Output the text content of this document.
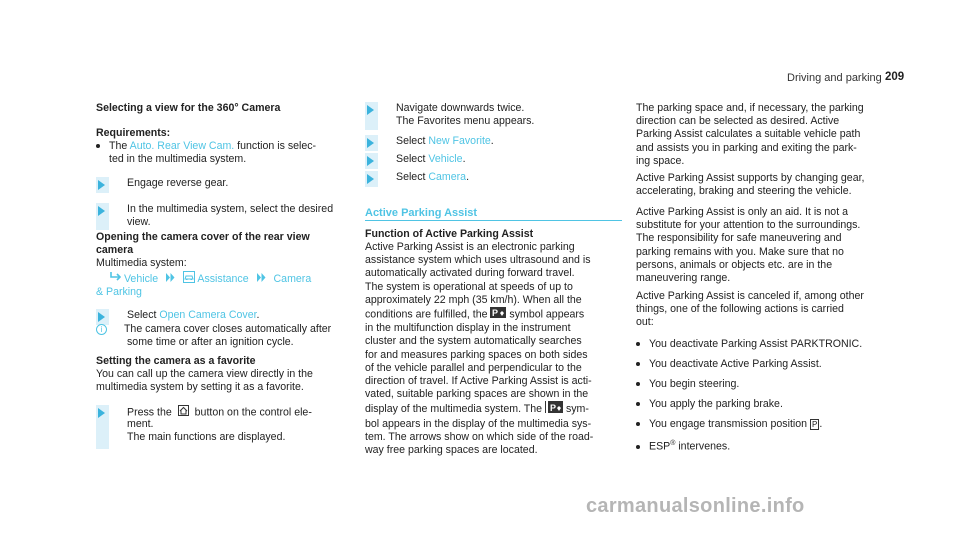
Driving and parking 209
Selecting a view for the 360° Camera
Requirements:
The Auto. Rear View Cam. function is selec-
ted in the multimedia system.
Engage reverse gear.
In the multimedia system, select the desired
view.
Opening the camera cover of the rear view
camera
Multimedia system:
Vehicle	Assistance Camera
& Parking
Select Open Camera Cover.
i The camera cover closes automatically after
some time or after an ignition cycle.
Setting the camera as a favorite
You can call up the camera view directly in the
multimedia system by setting it as a favorite.
Press the button on the control ele-
ment.
The main functions are displayed.
Navigate downwards twice.
The Favorites menu appears.
Select New Favorite.
Select Vehicle.
Select Camera.
Active Parking Assist
Function of Active Parking Assist
Active Parking Assist is an electronic parking
assistance system which uses ultrasound and is
automatically activated during forward travel.
The system is operational at speeds of up to
approximately 22 mph (35 km/h). When all the
conditions are fulfilled, the P symbol appears
in the multifunction display in the instrument
cluster and the system automatically searches
for and measures parking spaces on both sides
of the vehicle parallel and perpendicular to the
direction of travel. If Active Parking Assist is acti-
vated, suitable parking spaces are shown in the
display of the multimedia system. The P sym-
bol appears in the display of the multimedia sys-
tem. The arrows show on which side of the road-
way free parking spaces are located.
The parking space and, if necessary, the parking
direction can be selected as desired. Active
Parking Assist calculates a suitable vehicle path
and assists you in parking and exiting the park-
ing space.
Active Parking Assist supports by changing gear,
accelerating, braking and steering the vehicle.
Active Parking Assist is only an aid. It is not a
substitute for your attention to the surroundings.
The responsibility for safe maneuvering and
parking remains with you. Make sure that no
persons, animals or objects etc. are in the
maneuvering range.
Active Parking Assist is canceled if, among other
things, one of the following actions is carried
out:
You deactivate Parking Assist PARKTRONIC.
You deactivate Active Parking Assist.
You begin steering.
You apply the parking brake.
You engage transmission position P .
ESP® intervenes.
carmanualsonline.info
